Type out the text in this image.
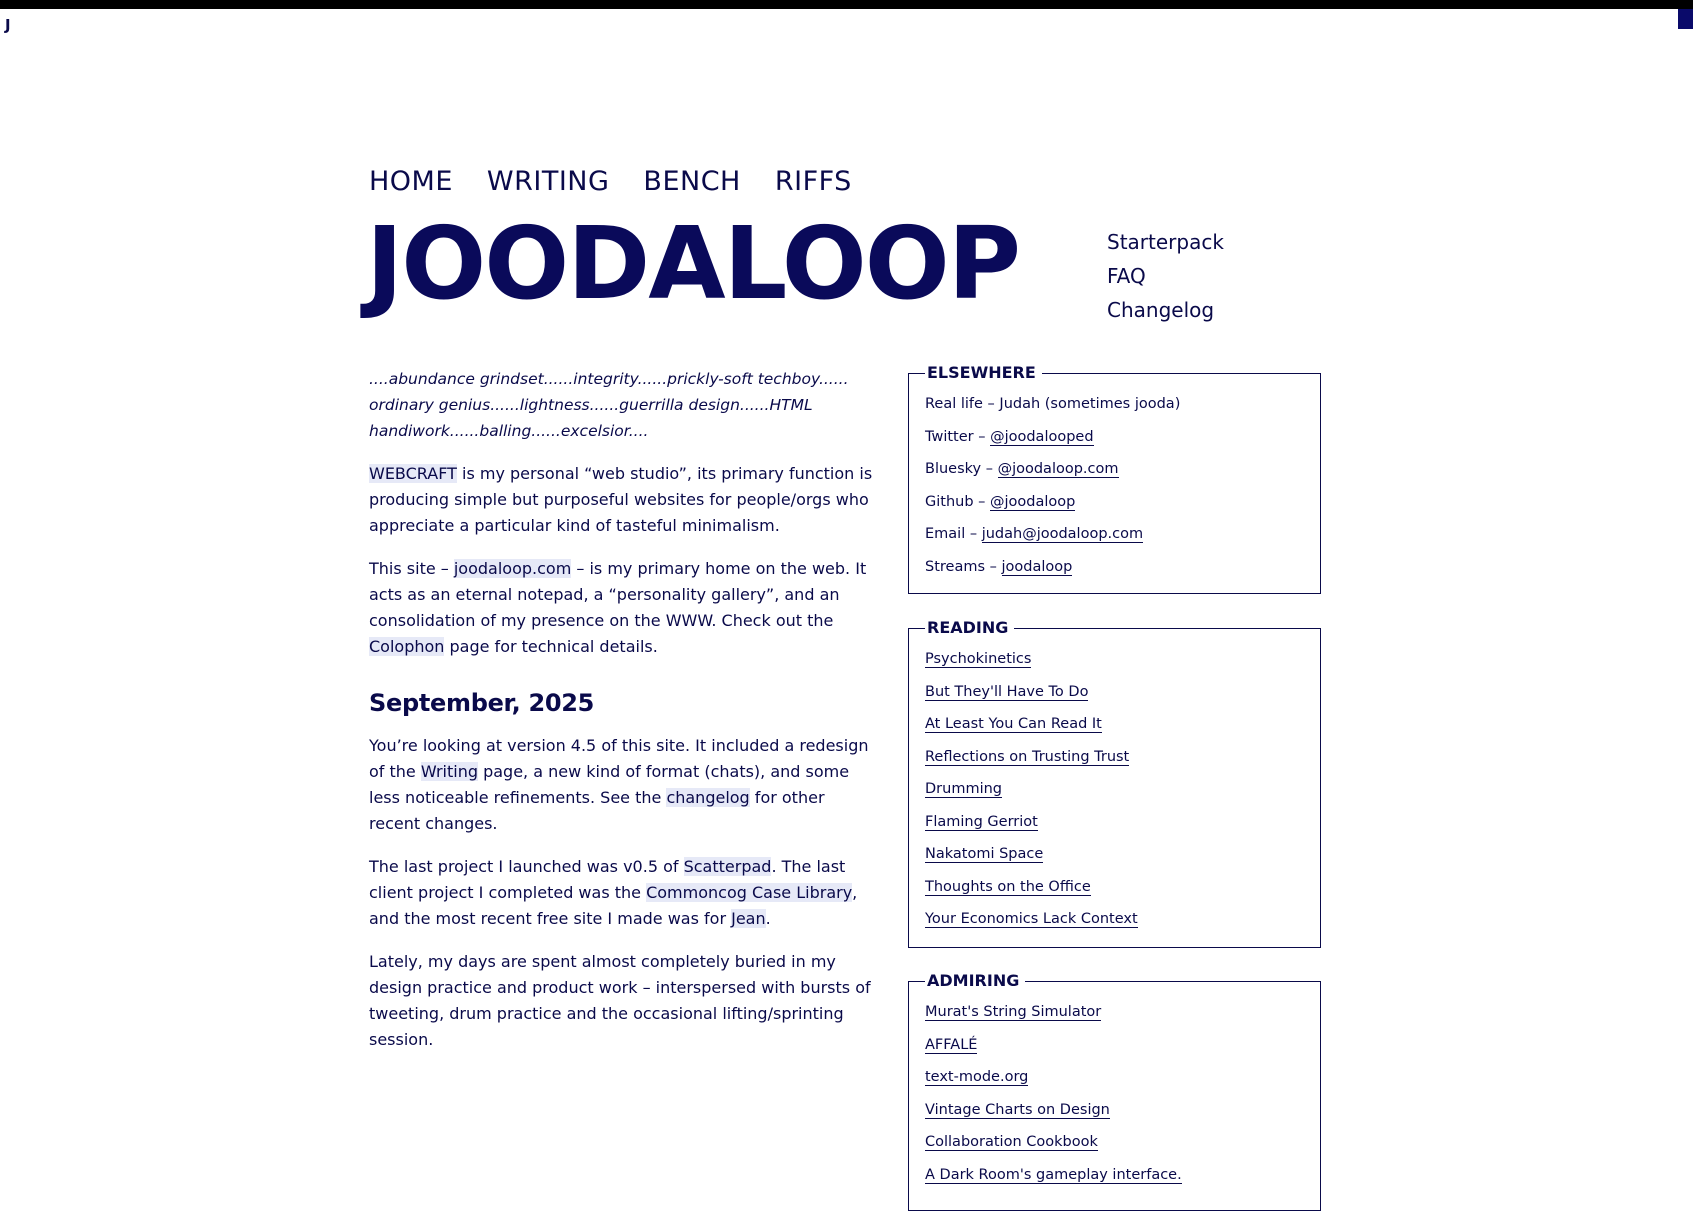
J
HOME WRITING BENCH RIFFS
JOODALOOP	Starterpack
FAQ
Changelog

....abundance grindset......integrity......prickly-soft techboy...... ordinary genius......lightness......guerrilla design......HTML handiwork......balling......excelsior....

WEBCRAFT is my personal “web studio”, its primary function is producing simple but purposeful websites for people/orgs who appreciate a particular kind of tasteful minimalism.

This site – joodaloop.com – is my primary home on the web. It acts as an eternal notepad, a “personality gallery”, and an consolidation of my presence on the WWW. Check out the Colophon page for technical details.

September, 2025

You’re looking at version 4.5 of this site. It included a redesign of the Writing page, a new kind of format (chats), and some less noticeable refinements. See the changelog for other recent changes.

The last project I launched was v0.5 of Scatterpad. The last client project I completed was the Commoncog Case Library, and the most recent free site I made was for Jean.

Lately, my days are spent almost completely buried in my design practice and product work – interspersed with bursts of tweeting, drum practice and the occasional lifting/sprinting session.

ELSEWHERE
Real life – Judah (sometimes jooda)
Twitter – @joodalooped
Bluesky – @joodaloop.com
Github – @joodaloop
Email – judah@joodaloop.com
Streams – joodaloop
READING
Psychokinetics
But They'll Have To Do
At Least You Can Read It
Reflections on Trusting Trust
Drumming
Flaming Gerriot
Nakatomi Space
Thoughts on the Office
Your Economics Lack Context
ADMIRING
Murat's String Simulator
AFFALÉ
text-mode.org
Vintage Charts on Design
Collaboration Cookbook
A Dark Room's gameplay interface.
